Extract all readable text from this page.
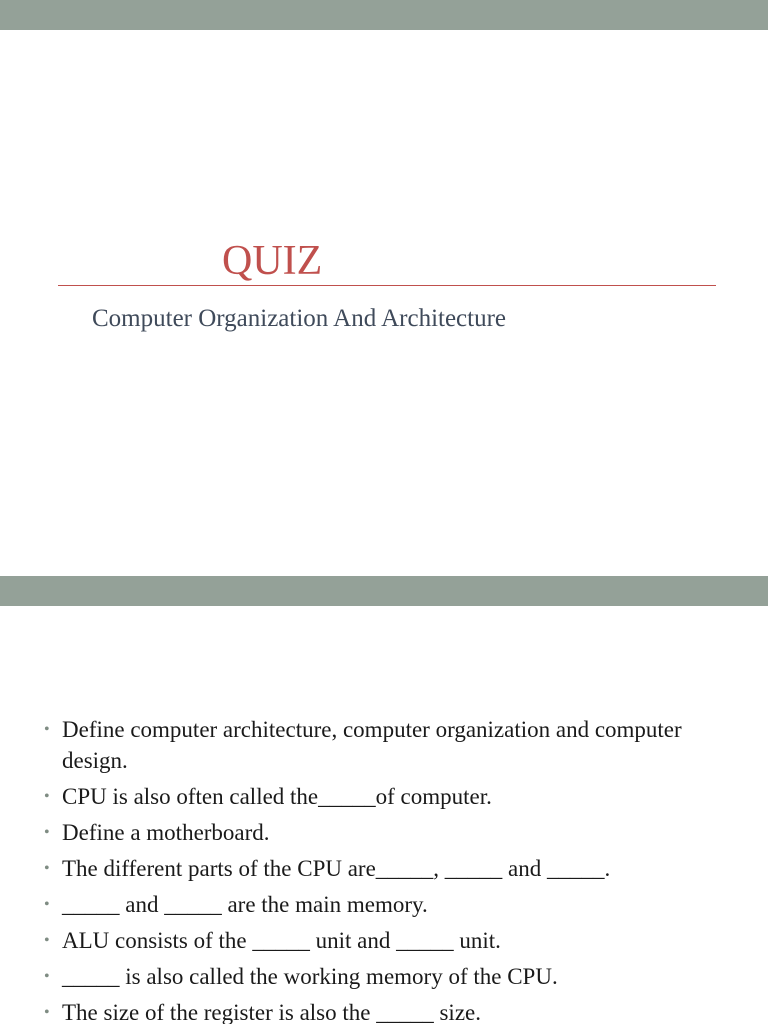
QUIZ
Computer Organization And Architecture
• Define computer architecture, computer organization and computer design.
• CPU is also often called the_____of computer.
• Define a motherboard.
• The different parts of the CPU are_____, _____ and _____.
• _____ and _____ are the main memory.
• ALU consists of the _____ unit and _____ unit.
• _____ is also called the working memory of the CPU.
• The size of the register is also the _____ size.
